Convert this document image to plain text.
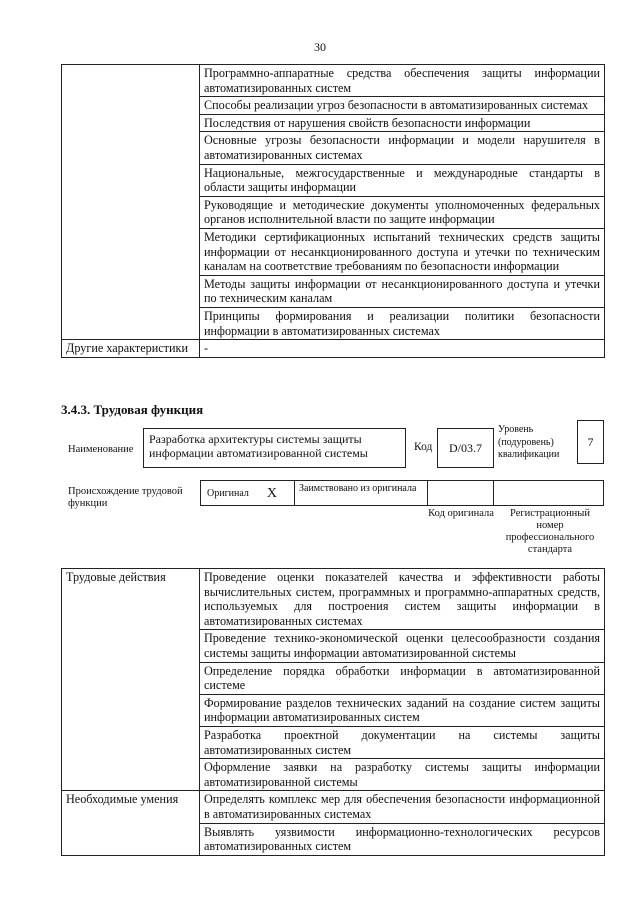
30
	Программно-аппаратные средства обеспечения защиты информации автоматизированных систем
	Способы реализации угроз безопасности в автоматизированных системах
	Последствия от нарушения свойств безопасности информации
	Основные угрозы безопасности информации и модели нарушителя в автоматизированных системах
	Национальные, межгосударственные и международные стандарты в области защиты информации
	Руководящие и методические документы уполномоченных федеральных органов исполнительной власти по защите информации
	Методики сертификационных испытаний технических средств защиты информации от несанкционированного доступа и утечки по техническим каналам на соответствие требованиям по безопасности информации
	Методы защиты информации от несанкционированного доступа и утечки по техническим каналам
	Принципы формирования и реализации политики безопасности информации в автоматизированных системах
Другие характеристики	-
3.4.3. Трудовая функция
Наименование
Разработка архитектуры системы защиты информации автоматизированной системы	Код	D/03.7
Уровень (подуровень) квалификации
7
Происхождение трудовой функции
Оригинал X	Заимствовано из оригинала
Код оригинала	Регистрационный номер профессионального стандарта
Трудовые действия	Проведение оценки показателей качества и эффективности работы вычислительных систем, программных и программно-аппаратных средств, используемых для построения систем защиты информации в автоматизированных системах
	Проведение технико-экономической оценки целесообразности создания системы защиты информации автоматизированной системы
	Определение порядка обработки информации в автоматизированной системе
	Формирование разделов технических заданий на создание систем защиты информации автоматизированных систем
	Разработка проектной документации на системы защиты автоматизированных систем
	Оформление заявки на разработку системы защиты информации автоматизированной системы
Необходимые умения	Определять комплекс мер для обеспечения безопасности информационной в автоматизированных системах
	Выявлять уязвимости информационно-технологических ресурсов автоматизированных систем
